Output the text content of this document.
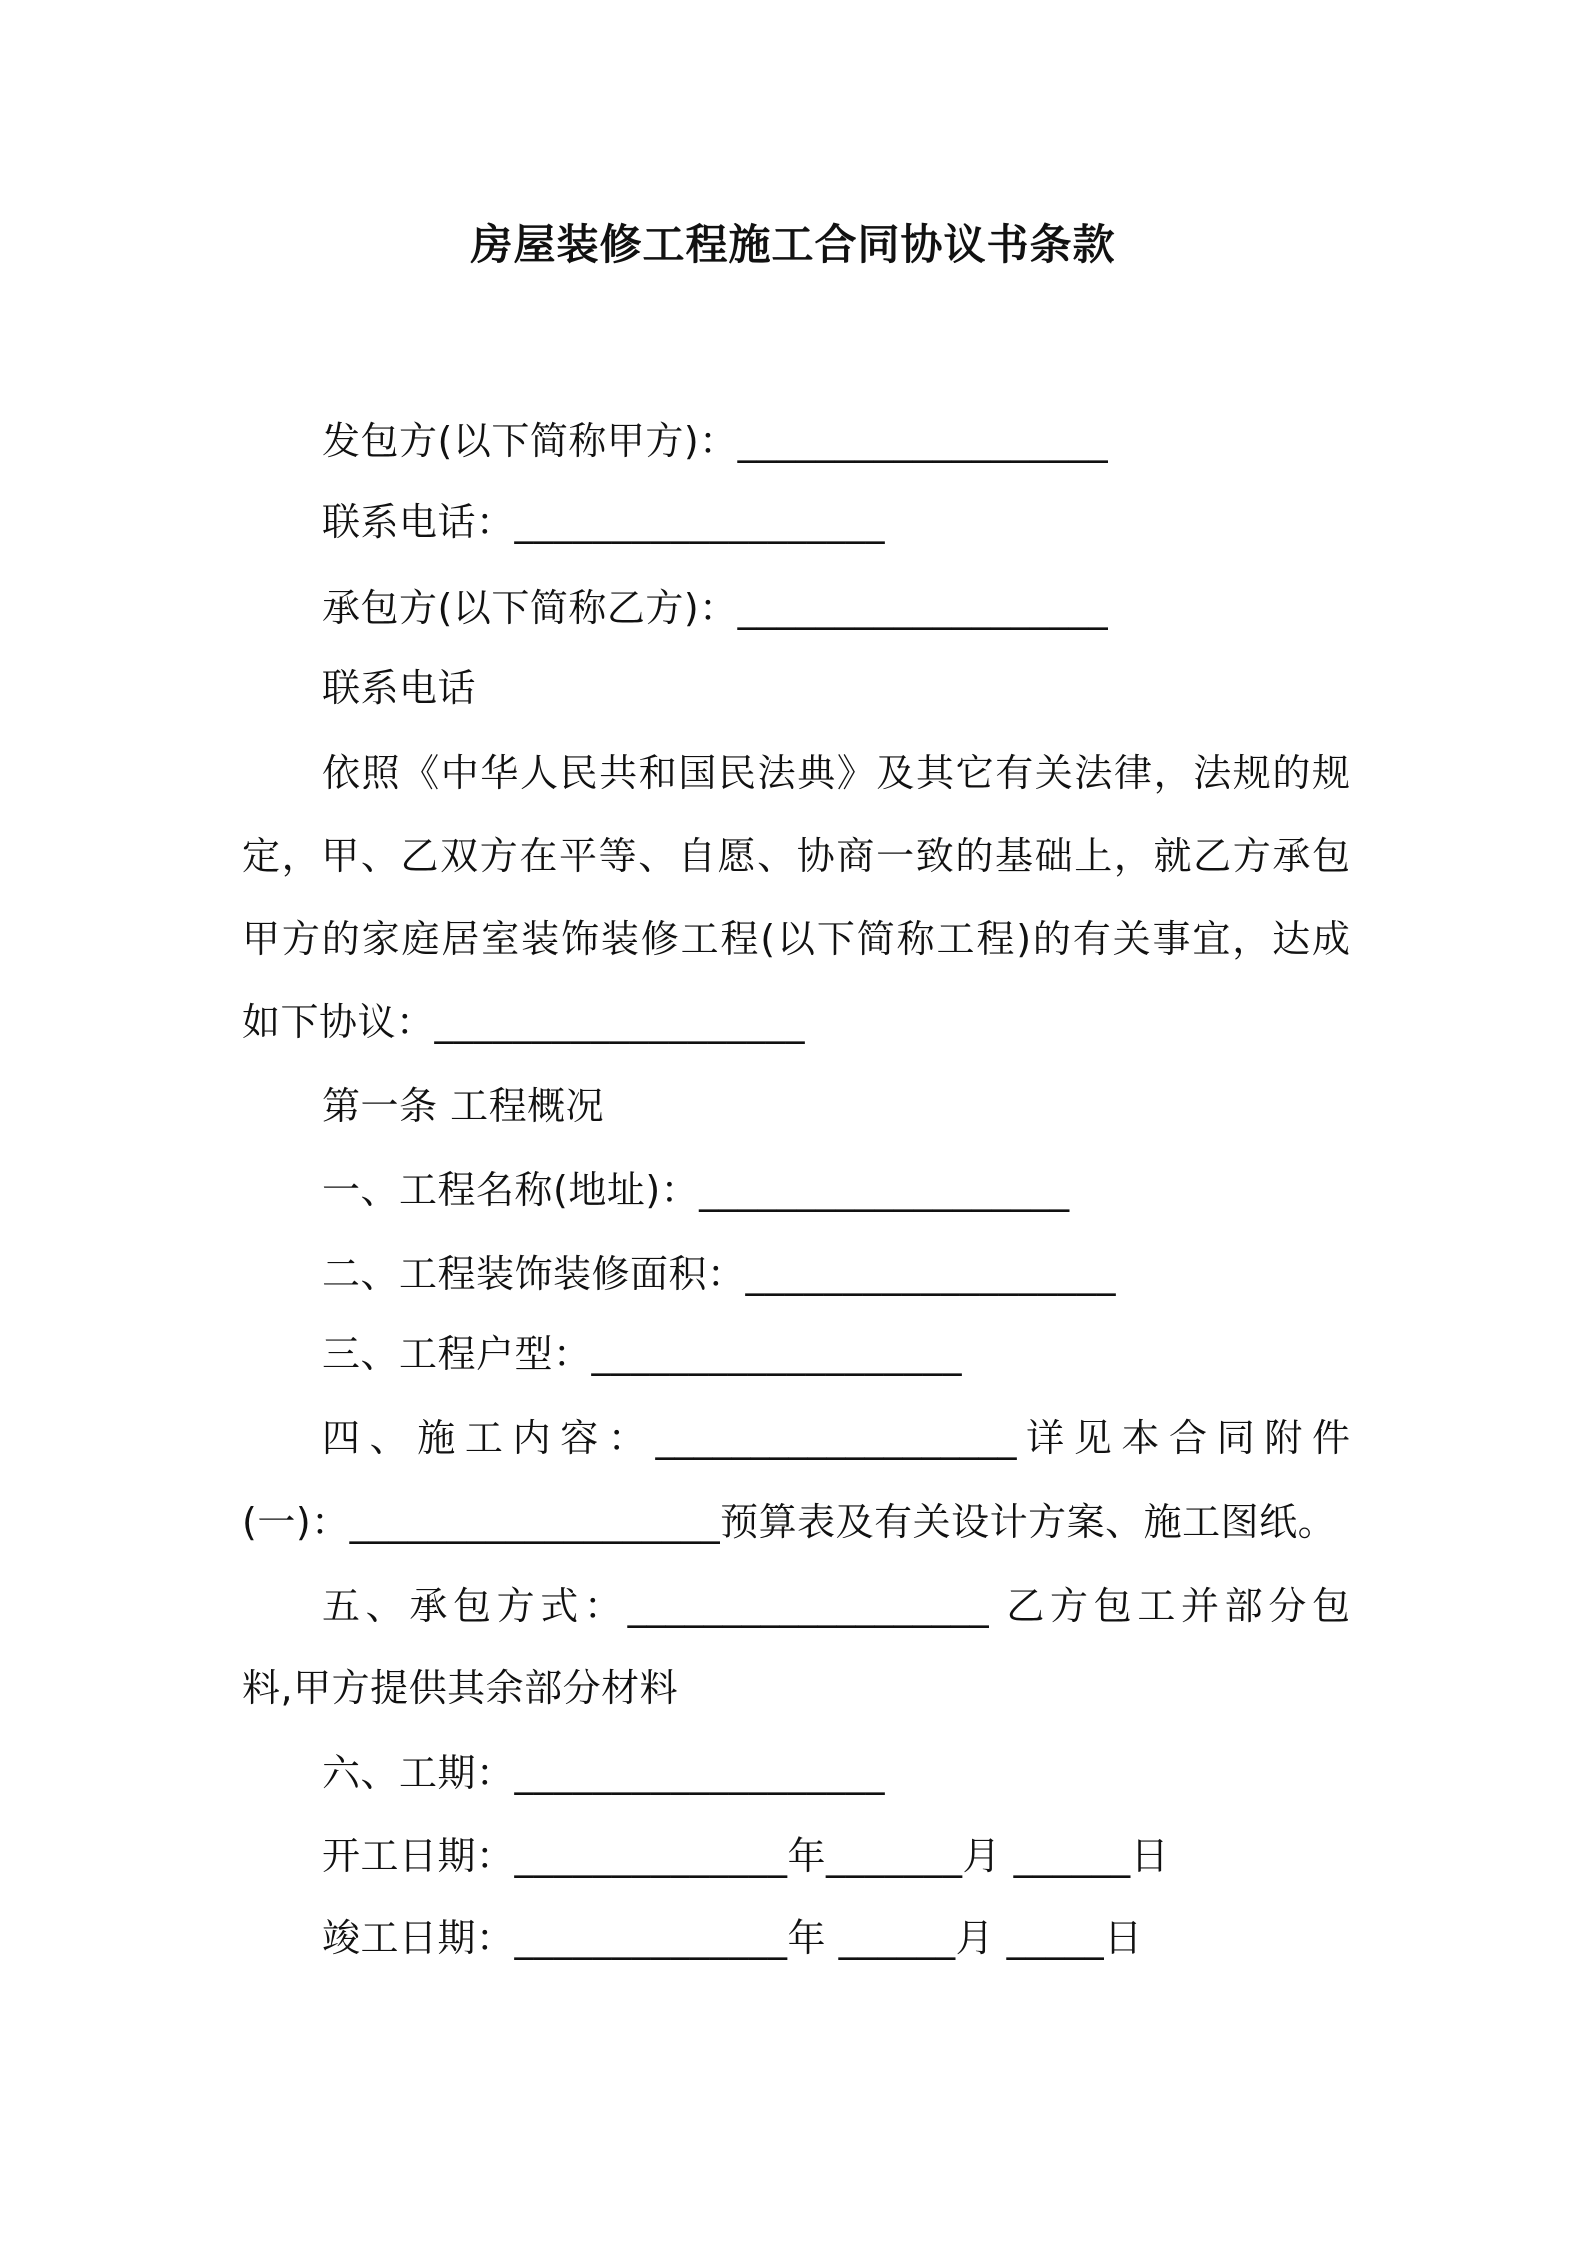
房屋装修工程施工合同协议书条款
发包方(以下简称甲方)：___________________
联系电话：___________________
承包方(以下简称乙方)：___________________
联系电话
依照《中华人民共和国民法典》及其它有关法律，法规的规
定，甲、乙双方在平等、自愿、协商一致的基础上，就乙方承包
甲方的家庭居室装饰装修工程(以下简称工程)的有关事宜，达成
如下协议：___________________
第一条 工程概况
一、工程名称(地址)：___________________
二、工程装饰装修面积：___________________
三、工程户型：___________________
四、施工内容：___________________详见本合同附件
(一)：___________________预算表及有关设计方案、施工图纸。
五、承包方式：___________________ 乙方包工并部分包
料,甲方提供其余部分材料
六、工期：___________________
开工日期：______________年_______月 ______日
竣工日期：______________年 ______月 _____日
